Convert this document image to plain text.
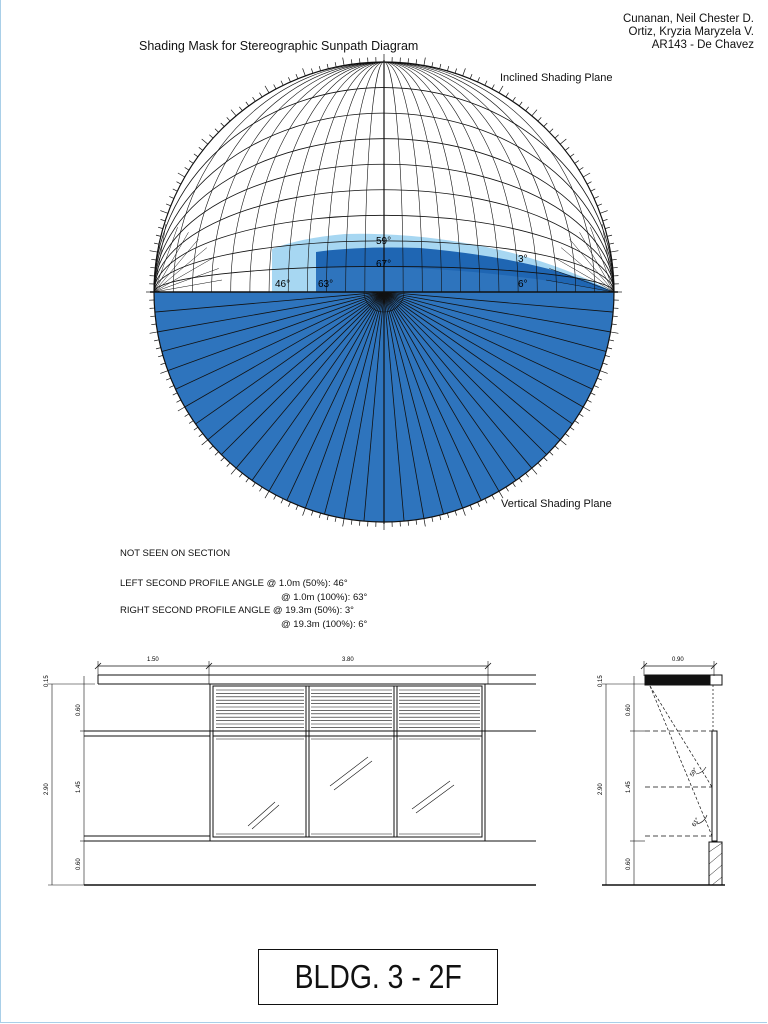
Cunanan, Neil Chester D.
Ortiz, Kryzia Maryzela V.
AR143 - De Chavez
Shading Mask for Stereographic Sunpath Diagram
Inclined Shading Plane
Vertical Shading Plane
59°
67°	3°
46°	63°	6°
1.50	3.80
2.90
0.15
0.60
1.45
0.60
0.90
2.90
0.15
0.60
1.45
0.60
59°
61°
NOT SEEN ON SECTION
LEFT SECOND PROFILE ANGLE @ 1.0m (50%): 46°
@ 1.0m (100%): 63°
RIGHT SECOND PROFILE ANGLE @ 19.3m (50%): 3°
@ 19.3m (100%): 6°
BLDG. 3 - 2F
